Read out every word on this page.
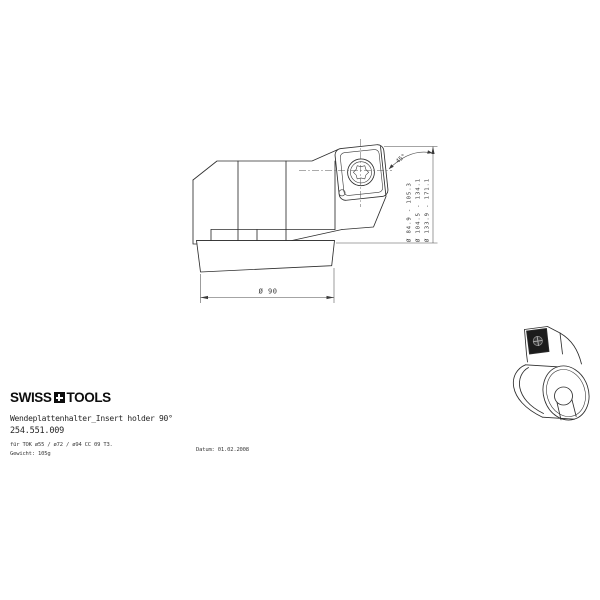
Ø 90
Ø 84.9 - 105.3 Ø 104.5 - 134.1 Ø 133.9 - 171.1
45°
SWISS TOOLS
Wendeplattenhalter_Insert holder 90°
254.551.009
für TOK ø55 / ø72 / ø94 CC 09 T3.
Gewicht: 105g
Datum: 01.02.2008
